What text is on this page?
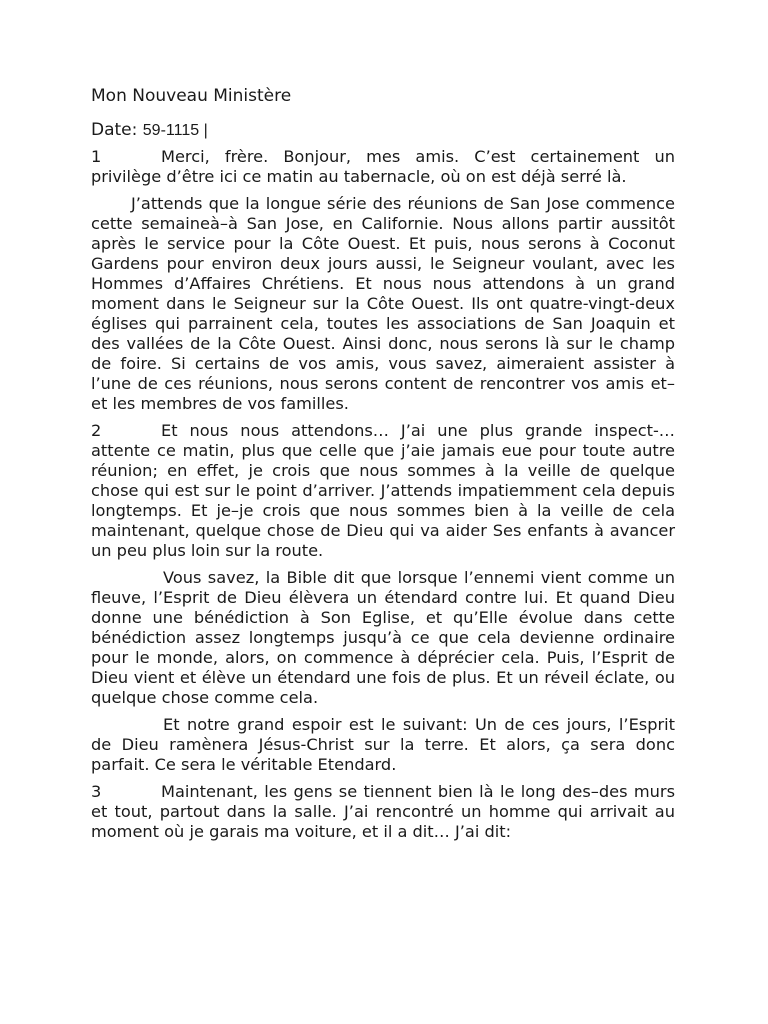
Mon Nouveau Ministère
Date: 59-1115 |

1	Merci, frère. Bonjour, mes amis. C’est certainement un privilège d’être ici ce matin au tabernacle, où on est déjà serré là.

J’attends que la longue série des réunions de San Jose commence cette semaineà–à San Jose, en Californie. Nous allons partir aussitôt après le service pour la Côte Ouest. Et puis, nous serons à Coconut Gardens pour environ deux jours aussi, le Seigneur voulant, avec les Hommes d’Affaires Chrétiens. Et nous nous attendons à un grand moment dans le Seigneur sur la Côte Ouest. Ils ont quatre-vingt-deux églises qui parrainent cela, toutes les associations de San Joaquin et des vallées de la Côte Ouest. Ainsi donc, nous serons là sur le champ de foire. Si certains de vos amis, vous savez, aimeraient assister à l’une de ces réunions, nous serons content de rencontrer vos amis et–et les membres de vos familles.

2	Et nous nous attendons… J’ai une plus grande inspect-… attente ce matin, plus que celle que j’aie jamais eue pour toute autre réunion; en effet, je crois que nous sommes à la veille de quelque chose qui est sur le point d’arriver. J’attends impatiemment cela depuis longtemps. Et je–je crois que nous sommes bien à la veille de cela maintenant, quelque chose de Dieu qui va aider Ses enfants à avancer un peu plus loin sur la route.

Vous savez, la Bible dit que lorsque l’ennemi vient comme un fleuve, l’Esprit de Dieu élèvera un étendard contre lui. Et quand Dieu donne une bénédiction à Son Eglise, et qu’Elle évolue dans cette bénédiction assez longtemps jusqu’à ce que cela devienne ordinaire pour le monde, alors, on commence à déprécier cela. Puis, l’Esprit de Dieu vient et élève un étendard une fois de plus. Et un réveil éclate, ou quelque chose comme cela.

Et notre grand espoir est le suivant: Un de ces jours, l’Esprit de Dieu ramènera Jésus-Christ sur la terre. Et alors, ça sera donc parfait. Ce sera le véritable Etendard.

3	Maintenant, les gens se tiennent bien là le long des–des murs et tout, partout dans la salle. J’ai rencontré un homme qui arrivait au moment où je garais ma voiture, et il a dit… J’ai dit:
